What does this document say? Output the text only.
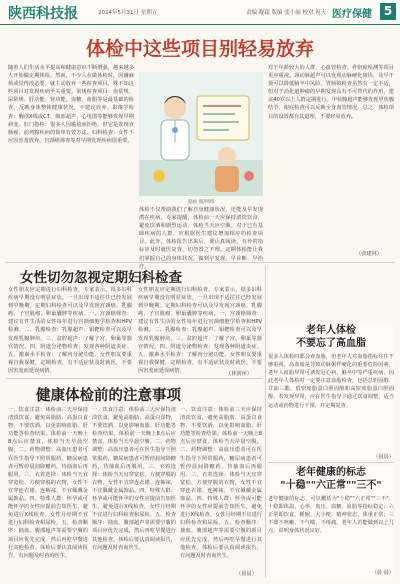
陕西科技报	2024年5月31日 星期五	责编 凝霜 版编 张小丽 校对 祝天 医疗保健 5
体检中这些项目别轻易放弃
随着人们生活水平提高和健康意识不断增强，越来越多人开始做定期体检。然而，不少人在做体检时，因嫌麻烦或觉得没必要，就主动放弃一些检查项目，殊不知这些项目对发现疾病至关重要。常规检查项目：血常规、尿常规、肝功能、肾功能、血糖、血脂等是最基础的检查，反映身体整体健康状况，不建议放弃。影像学检查：胸部X线或CT、腹部超声、心电图等能够发现早期病变。肛门指检：很多人因尴尬而拒绝，但它是发现直肠癌、前列腺疾病的简单有效方法。妇科检查：女性不应因害羞放弃，宫颈癌筛查等对早期发现疾病很重要。
漫画 图/网络
体检不仅帮助我们了解自身健康状况，还能及早发现潜在疾病。专家提醒，体检前一天应保持清淡饮食，避免饮酒和剧烈运动，体检当天应空腹。对于已有基础疾病的人群，应根据医生建议增加相应的检查项目。此外，体检报告出来后，要认真阅读，有异常指标应及时就医复查，切勿置之不理。定期体检能让我们掌握自己的身体状况，做到早发现、早诊断、早治疗。
对于年龄较大的人群，心血管检查、骨密度检测等项目更应重视。颈动脉超声可以发现动脉硬化斑块，及早干预可以降低脑卒中风险。胃肠镜检查虽然有一定不适，但对于消化道肿瘤的早期发现具有不可替代的作用，建议40岁以上人群定期进行。甲状腺超声能够发现甲状腺结节，眼底检查可以反映全身血管情况。总之，体检项目的设置都有其道理，不要轻易放弃。
（张建林）
女性切勿忽视定期妇科检查
女性朋友应定期进行妇科检查。专家表示，很多妇科疾病早期没有明显症状，一旦出现不适往往已经发展到中晚期。定期妇科检查可以及早发现宫颈癌、乳腺癌、子宫肌瘤、卵巢囊肿等疾病。一、宫颈癌筛查：建议有性生活的女性每年进行宫颈细胞学检查和HPV检测。二、乳腺检查：乳腺超声、钼靶检查可以及早发现乳腺肿块。三、盆腔超声：了解子宫、卵巢等器官情况。四、阴道分泌物检查：发现各种阴道炎症。五、激素水平检查：了解内分泌功能。女性朋友要重视自我保健，定期检查，有不适症状及时就医，不要因害羞而延误病情。
女性朋友应定期进行妇科检查。专家表示，很多妇科疾病早期没有明显症状，一旦出现不适往往已经发展到中晚期。定期妇科检查可以及早发现宫颈癌、乳腺癌、子宫肌瘤、卵巢囊肿等疾病。一、宫颈癌筛查：建议有性生活的女性每年进行宫颈细胞学检查和HPV检测。二、乳腺检查：乳腺超声、钼靶检查可以及早发现乳腺肿块。三、盆腔超声：了解子宫、卵巢等器官情况。四、阴道分泌物检查：发现各种阴道炎症。五、激素水平检查：了解内分泌功能。女性朋友要重视自我保健，定期检查，有不适症状及时就医，不要因害羞而延误病情。
（林润萍）
健康体检前的注意事项
一、饮食注意：体检前三天应保持清淡饮食，避免高脂肪、高蛋白食物，不要饮酒，以免影响血脂、肝功能等检查结果。体检前一天晚上8点后应禁食，体检当天早晨空腹。二、药物调整：高血压患者可在医生指导下照常服药，糖尿病患者可暂停晨间降糖药，待抽血后再服用。三、衣着选择：体检当天宜穿宽松、方便穿脱的衣物，女性不宜穿连衣裙、连裤袜，不宜佩戴金属饰品。四、特殊人群：怀孕或可能怀孕的女性应提前告知医生，避免进行X线检查。女性月经期不宜进行妇科检查和尿检。五、检查顺序：抽血、腹部超声等需要空腹的项目应优先完成，然后再吃早餐进行其他检查。体检后要认真阅读报告，有问题及时咨询医生。
一、饮食注意：体检前三天应保持清淡饮食，避免高脂肪、高蛋白食物，不要饮酒，以免影响血脂、肝功能等检查结果。体检前一天晚上8点后应禁食，体检当天早晨空腹。二、药物调整：高血压患者可在医生指导下照常服药，糖尿病患者可暂停晨间降糖药，待抽血后再服用。三、衣着选择：体检当天宜穿宽松、方便穿脱的衣物，女性不宜穿连衣裙、连裤袜，不宜佩戴金属饰品。四、特殊人群：怀孕或可能怀孕的女性应提前告知医生，避免进行X线检查。女性月经期不宜进行妇科检查和尿检。五、检查顺序：抽血、腹部超声等需要空腹的项目应优先完成，然后再吃早餐进行其他检查。体检后要认真阅读报告，有问题及时咨询医生。
一、饮食注意：体检前三天应保持清淡饮食，避免高脂肪、高蛋白食物，不要饮酒，以免影响血脂、肝功能等检查结果。体检前一天晚上8点后应禁食，体检当天早晨空腹。二、药物调整：高血压患者可在医生指导下照常服药，糖尿病患者可暂停晨间降糖药，待抽血后再服用。三、衣着选择：体检当天宜穿宽松、方便穿脱的衣物，女性不宜穿连衣裙、连裤袜，不宜佩戴金属饰品。四、特殊人群：怀孕或可能怀孕的女性应提前告知医生，避免进行X线检查。女性月经期不宜进行妇科检查和尿检。五、检查顺序：抽血、腹部超声等需要空腹的项目应优先完成，然后再吃早餐进行其他检查。体检后要认真阅读报告，有问题及时咨询医生。
（晨晨）
老年人体检
不要忘了高血脂
很多人体检时都会查血脂，但老年人对血脂指标往往不够重视。高血脂是导致动脉粥样硬化的重要危险因素，老年人血脂异常可诱发冠心病、脑卒中等严重疾病。因此老年人体检时一定要注意血脂检查，包括总胆固醇、甘油三酯、低密度脂蛋白胆固醇和高密度脂蛋白胆固醇。若发现异常，应在医生指导下通过饮食调整、适当运动或药物进行干预，并定期复查。
（晨晨）
老年健康的标志
"十稳""六正常""三不"
老年健康的标志，可以概括为"十稳""六正常""三不"：十稳即体温、心率、血压、血糖、血脂等指标稳定；六正常即饮食、睡眠、大小便、精神状态、体重正常；三不即不咳嗽、不气喘、不疼痛。老年人若能做到以上几点，说明身体状况良好。
（晨 晨）
